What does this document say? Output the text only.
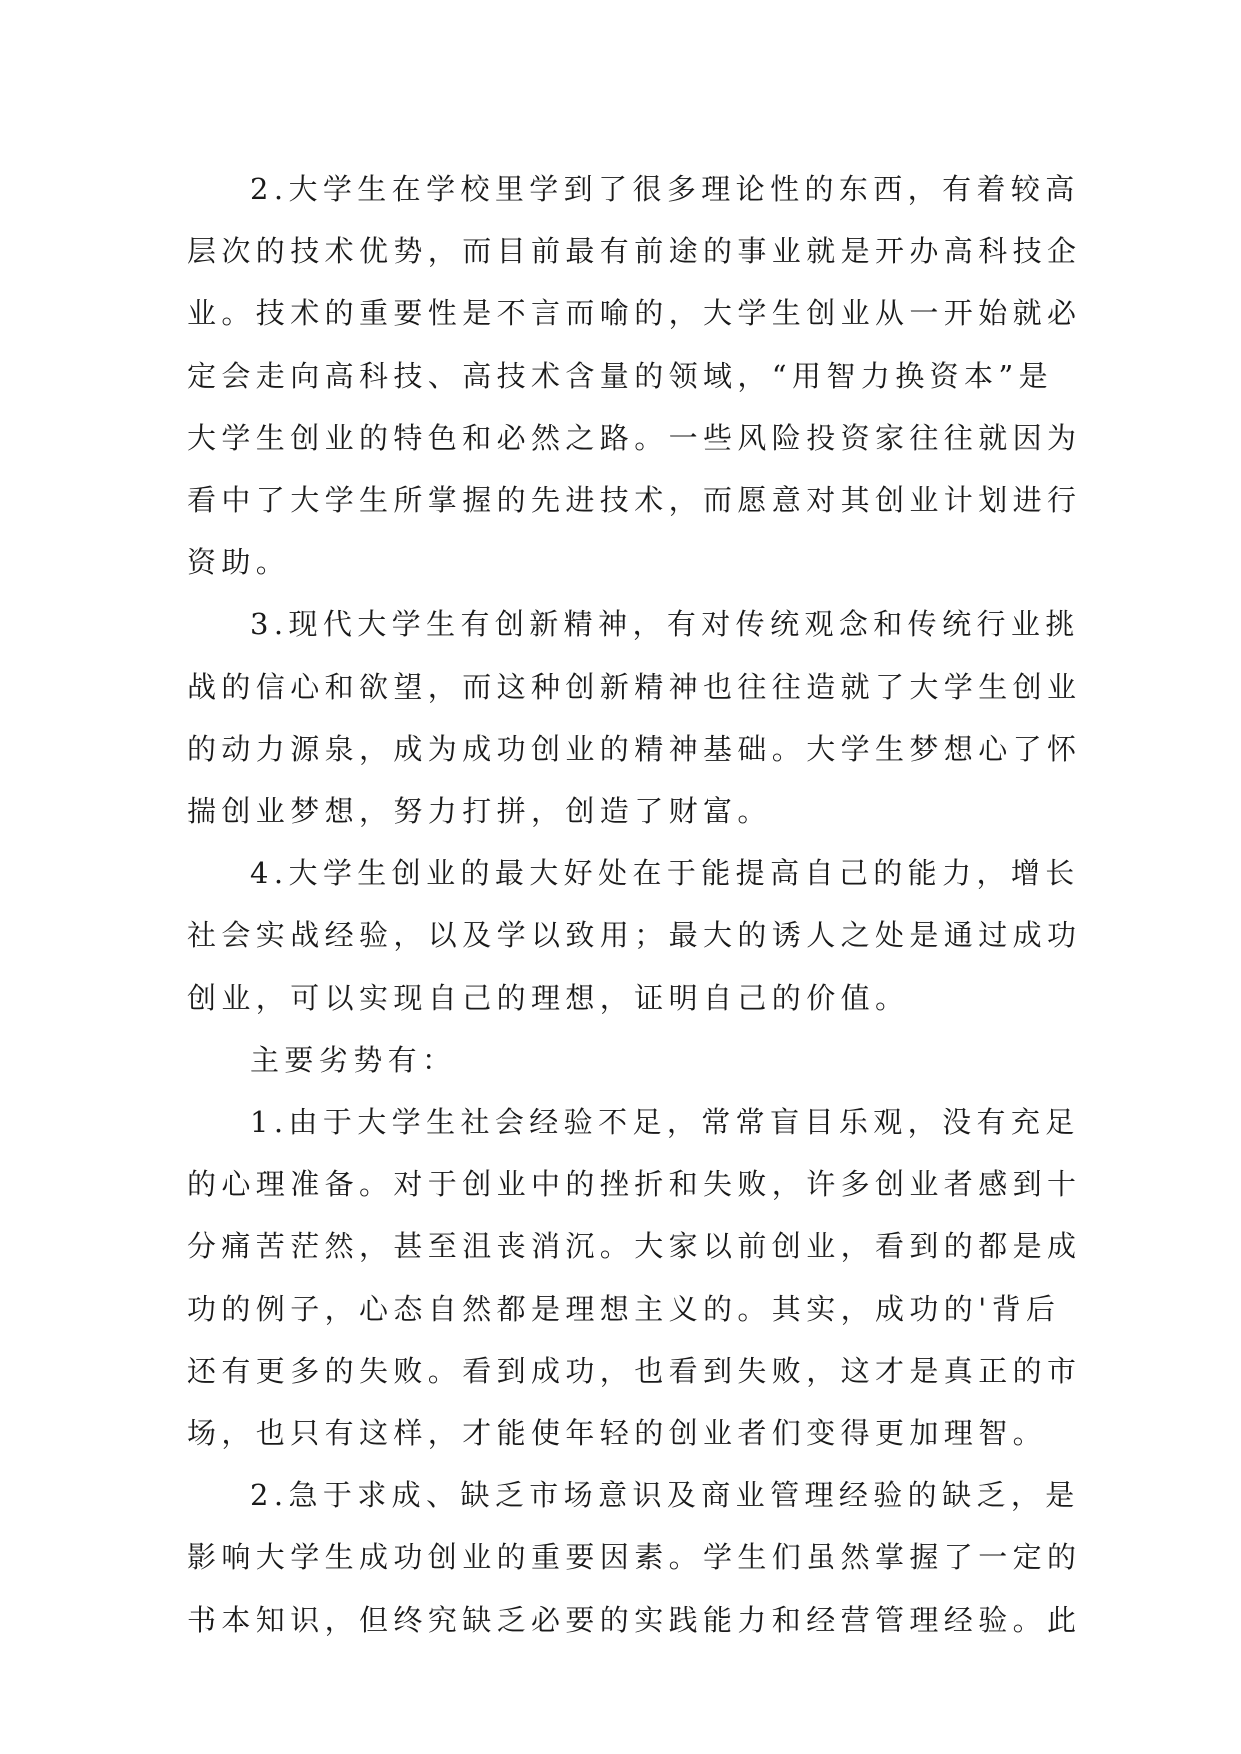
2.大学生在学校里学到了很多理论性的东西，有着较高
层次的技术优势，而目前最有前途的事业就是开办高科技企
业。技术的重要性是不言而喻的，大学生创业从一开始就必
定会走向高科技、高技术含量的领域，“用智力换资本”是
大学生创业的特色和必然之路。一些风险投资家往往就因为
看中了大学生所掌握的先进技术，而愿意对其创业计划进行
资助。

3.现代大学生有创新精神，有对传统观念和传统行业挑
战的信心和欲望，而这种创新精神也往往造就了大学生创业
的动力源泉，成为成功创业的精神基础。大学生梦想心了怀
揣创业梦想，努力打拼，创造了财富。

4.大学生创业的最大好处在于能提高自己的能力，增长
社会实战经验，以及学以致用；最大的诱人之处是通过成功
创业，可以实现自己的理想，证明自己的价值。

主要劣势有：

1.由于大学生社会经验不足，常常盲目乐观，没有充足
的心理准备。对于创业中的挫折和失败，许多创业者感到十
分痛苦茫然，甚至沮丧消沉。大家以前创业，看到的都是成
功的例子，心态自然都是理想主义的。其实，成功的'背后
还有更多的失败。看到成功，也看到失败，这才是真正的市
场，也只有这样，才能使年轻的创业者们变得更加理智。

2.急于求成、缺乏市场意识及商业管理经验的缺乏，是
影响大学生成功创业的重要因素。学生们虽然掌握了一定的
书本知识，但终究缺乏必要的实践能力和经营管理经验。此
